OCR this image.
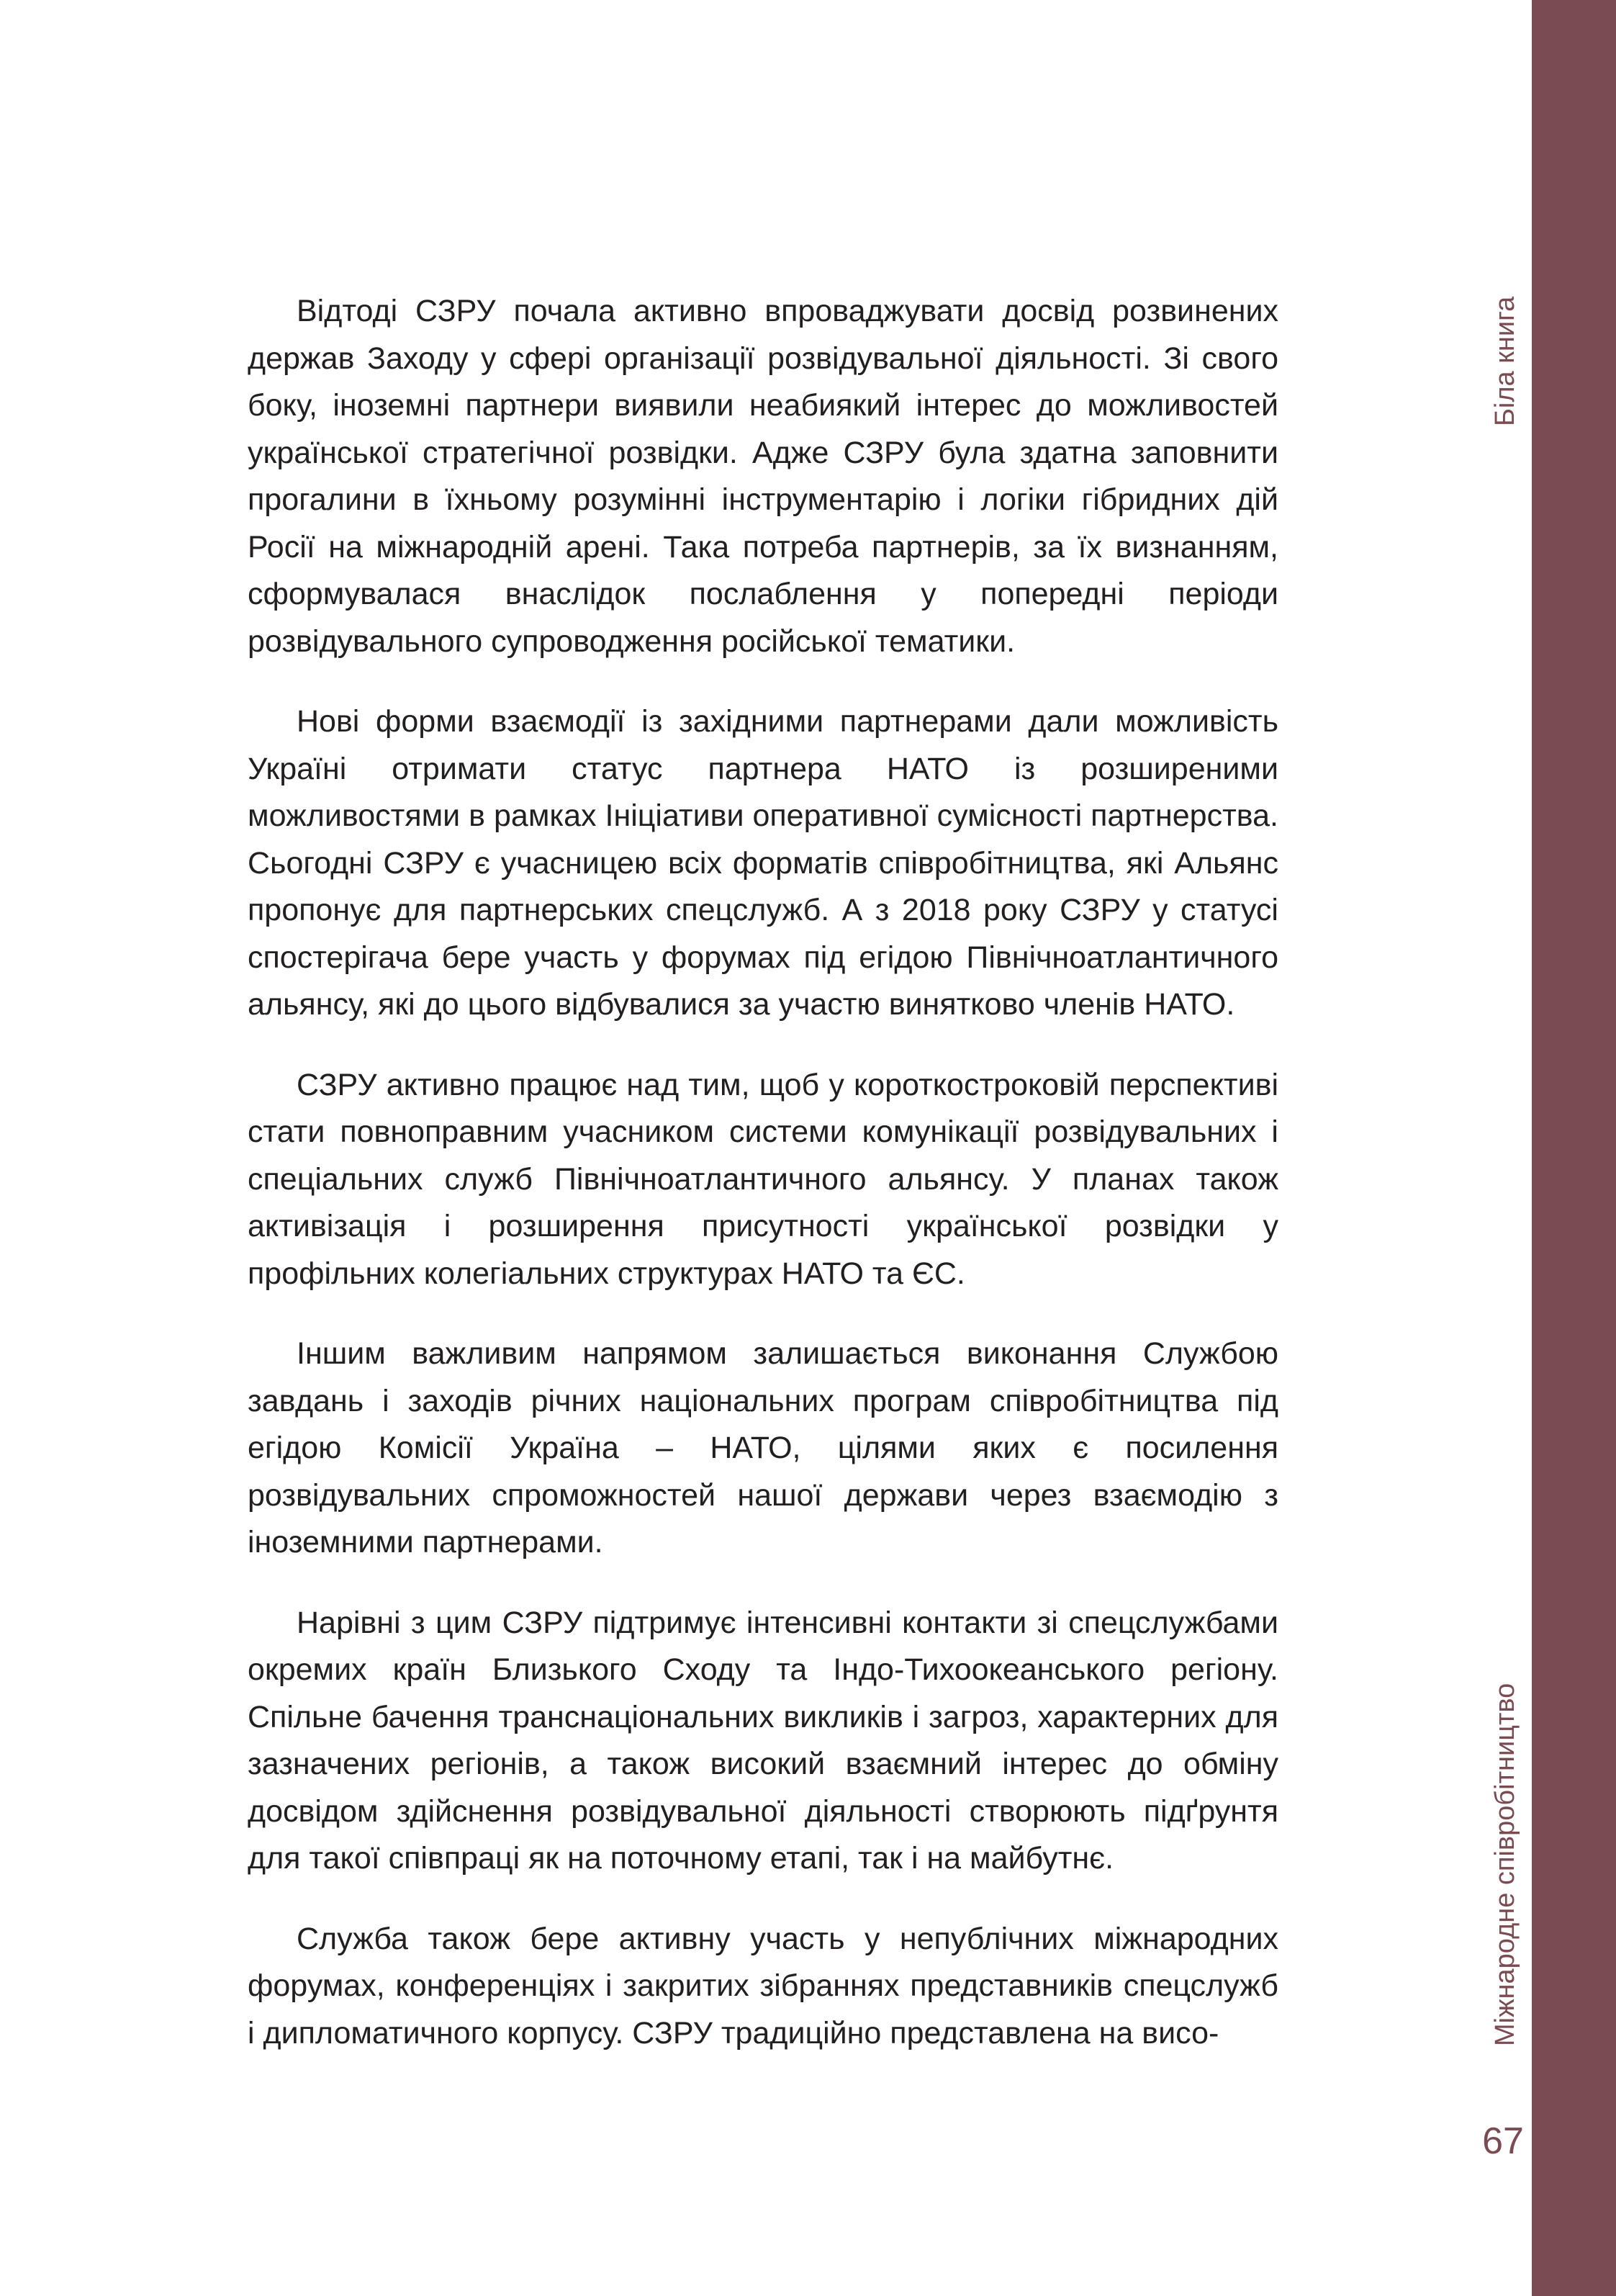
Відтоді СЗРУ почала активно впроваджувати досвід розвинених держав Заходу у сфері організації розвідувальної діяльності. Зі свого боку, іноземні партнери виявили неабиякий інтерес до можливостей української стратегічної розвідки. Адже СЗРУ була здатна заповнити прогалини в їхньому розумінні інструментарію і логіки гібридних дій Росії на міжнародній арені. Така потреба партнерів, за їх визнанням, сформувалася внаслідок послаблення у попередні періоди розвідувального супроводження російської тематики.

Нові форми взаємодії із західними партнерами дали можливість Україні отримати статус партнера НАТО із розширеними можливостями в рамках Ініціативи оперативної сумісності партнерства. Сьогодні СЗРУ є учасницею всіх форматів співробітництва, які Альянс пропонує для партнерських спецслужб. А з 2018 року СЗРУ у статусі спостерігача бере участь у форумах під егідою Північноатлантичного альянсу, які до цього відбувалися за участю винятково членів НАТО.

СЗРУ активно працює над тим, щоб у короткостроковій перспективі стати повноправним учасником системи комунікації розвідувальних і спеціальних служб Північноатлантичного альянсу. У планах також активізація і розширення присутності української розвідки у профільних колегіальних структурах НАТО та ЄС.

Іншим важливим напрямом залишається виконання Службою завдань і заходів річних національних програм співробітництва під егідою Комісії Україна – НАТО, цілями яких є посилення розвідувальних спроможностей нашої держави через взаємодію з іноземними партнерами.

Нарівні з цим СЗРУ підтримує інтенсивні контакти зі спецслужбами окремих країн Близького Сходу та Індо-Тихоокеанського регіону. Спільне бачення транснаціональних викликів і загроз, характерних для зазначених регіонів, а також високий взаємний інтерес до обміну досвідом здійснення розвідувальної діяльності створюють підґрунтя для такої співпраці як на поточному етапі, так і на майбутнє.

Служба також бере активну участь у непублічних міжнародних форумах, конференціях і закритих зібраннях представників спецслужб і дипломатичного корпусу. СЗРУ традиційно представлена на висо-

Біла книга
Міжнародне співробітництво
67
